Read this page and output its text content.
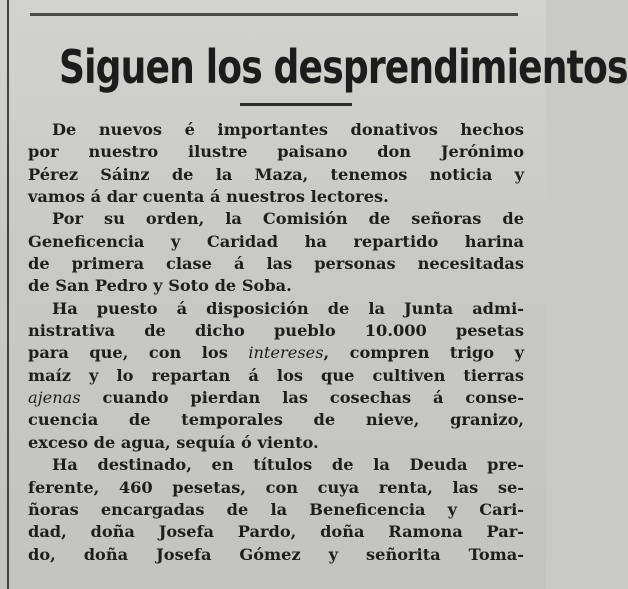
Siguen los desprendimientos
De nuevos é importantes donativos hechos
por nuestro ilustre paisano don Jerónimo
Pérez Sáinz de la Maza, tenemos noticia y
vamos á dar cuenta á nuestros lectores.
Por su orden, la Comisión de señoras de
Geneficencia y Caridad ha repartido harina
de primera clase á las personas necesitadas
de San Pedro y Soto de Soba.
Ha puesto á disposición de la Junta admi-
nistrativa de dicho pueblo 10.000 pesetas
para que, con los intereses, compren trigo y
maíz y lo repartan á los que cultiven tierras
ajenas cuando pierdan las cosechas á conse-
cuencia de temporales de nieve, granizo,
exceso de agua, sequía ó viento.
Ha destinado, en títulos de la Deuda pre-
ferente, 460 pesetas, con cuya renta, las se-
ñoras encargadas de la Beneficencia y Cari-
dad, doña Josefa Pardo, doña Ramona Par-
do, doña Josefa Gómez y señorita Toma-
